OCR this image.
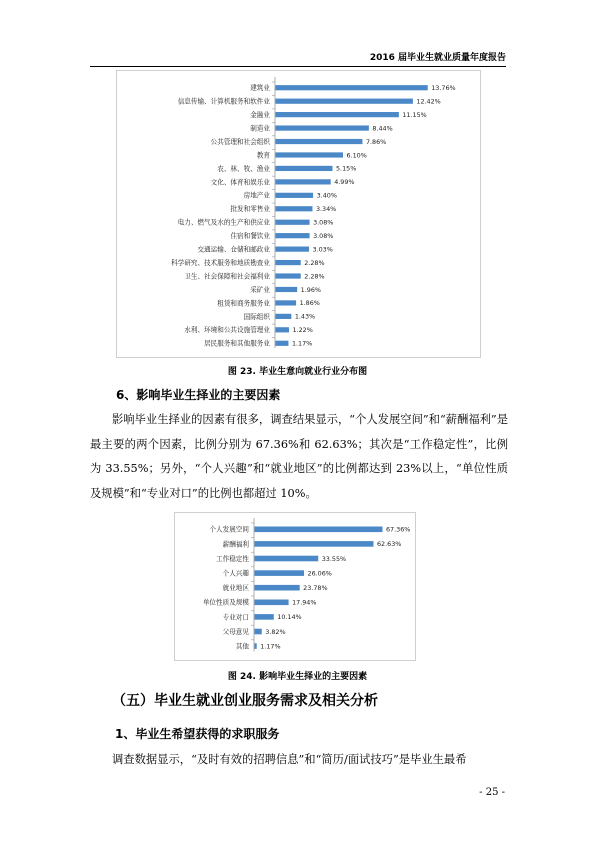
2016 届毕业生就业质量年度报告
建筑业	13.76%
信息传输、计算机服务和软件业	12.42%
金融业	11.15%
制造业	8.44%
公共管理和社会组织	7.86%
教育	6.10%
农、林、牧、渔业	5.15%
文化、体育和娱乐业	4.99%
房地产业	3.40%
批发和零售业	3.34%
电力、燃气及水的生产和供应业	3.08%
住宿和餐饮业	3.08%
交通运输、仓储和邮政业	3.03%
科学研究、技术服务和地质勘查业	2.28%
卫生、社会保障和社会福利业	2.28%
采矿业	1.96%
租赁和商务服务业	1.86%
国际组织	1.43%
水利、环境和公共设施管理业	1.22%
居民服务和其他服务业	1.17%
图 23. 毕业生意向就业行业分布图
6、影响毕业生择业的主要因素

影响毕业生择业的因素有很多，调查结果显示，“个人发展空间”和“薪酬福利”是最主要的两个因素，比例分别为 67.36%和 62.63%；其次是“工作稳定性”，比例为 33.55%；另外，“个人兴趣”和“就业地区”的比例都达到 23%以上，“单位性质及规模”和“专业对口”的比例也都超过 10%。

个人发展空间	67.36%
薪酬福利	62.63%
工作稳定性	33.55%
个人兴趣	26.06%
就业地区	23.78%
单位性质及规模	17.94%
专业对口	10.14%
父母意见	3.82%
其他 1.17%
图 24. 影响毕业生择业的主要因素
（五）毕业生就业创业服务需求及相关分析
1、毕业生希望获得的求职服务

调查数据显示，“及时有效的招聘信息”和“简历/面试技巧”是毕业生最希

- 25 -
